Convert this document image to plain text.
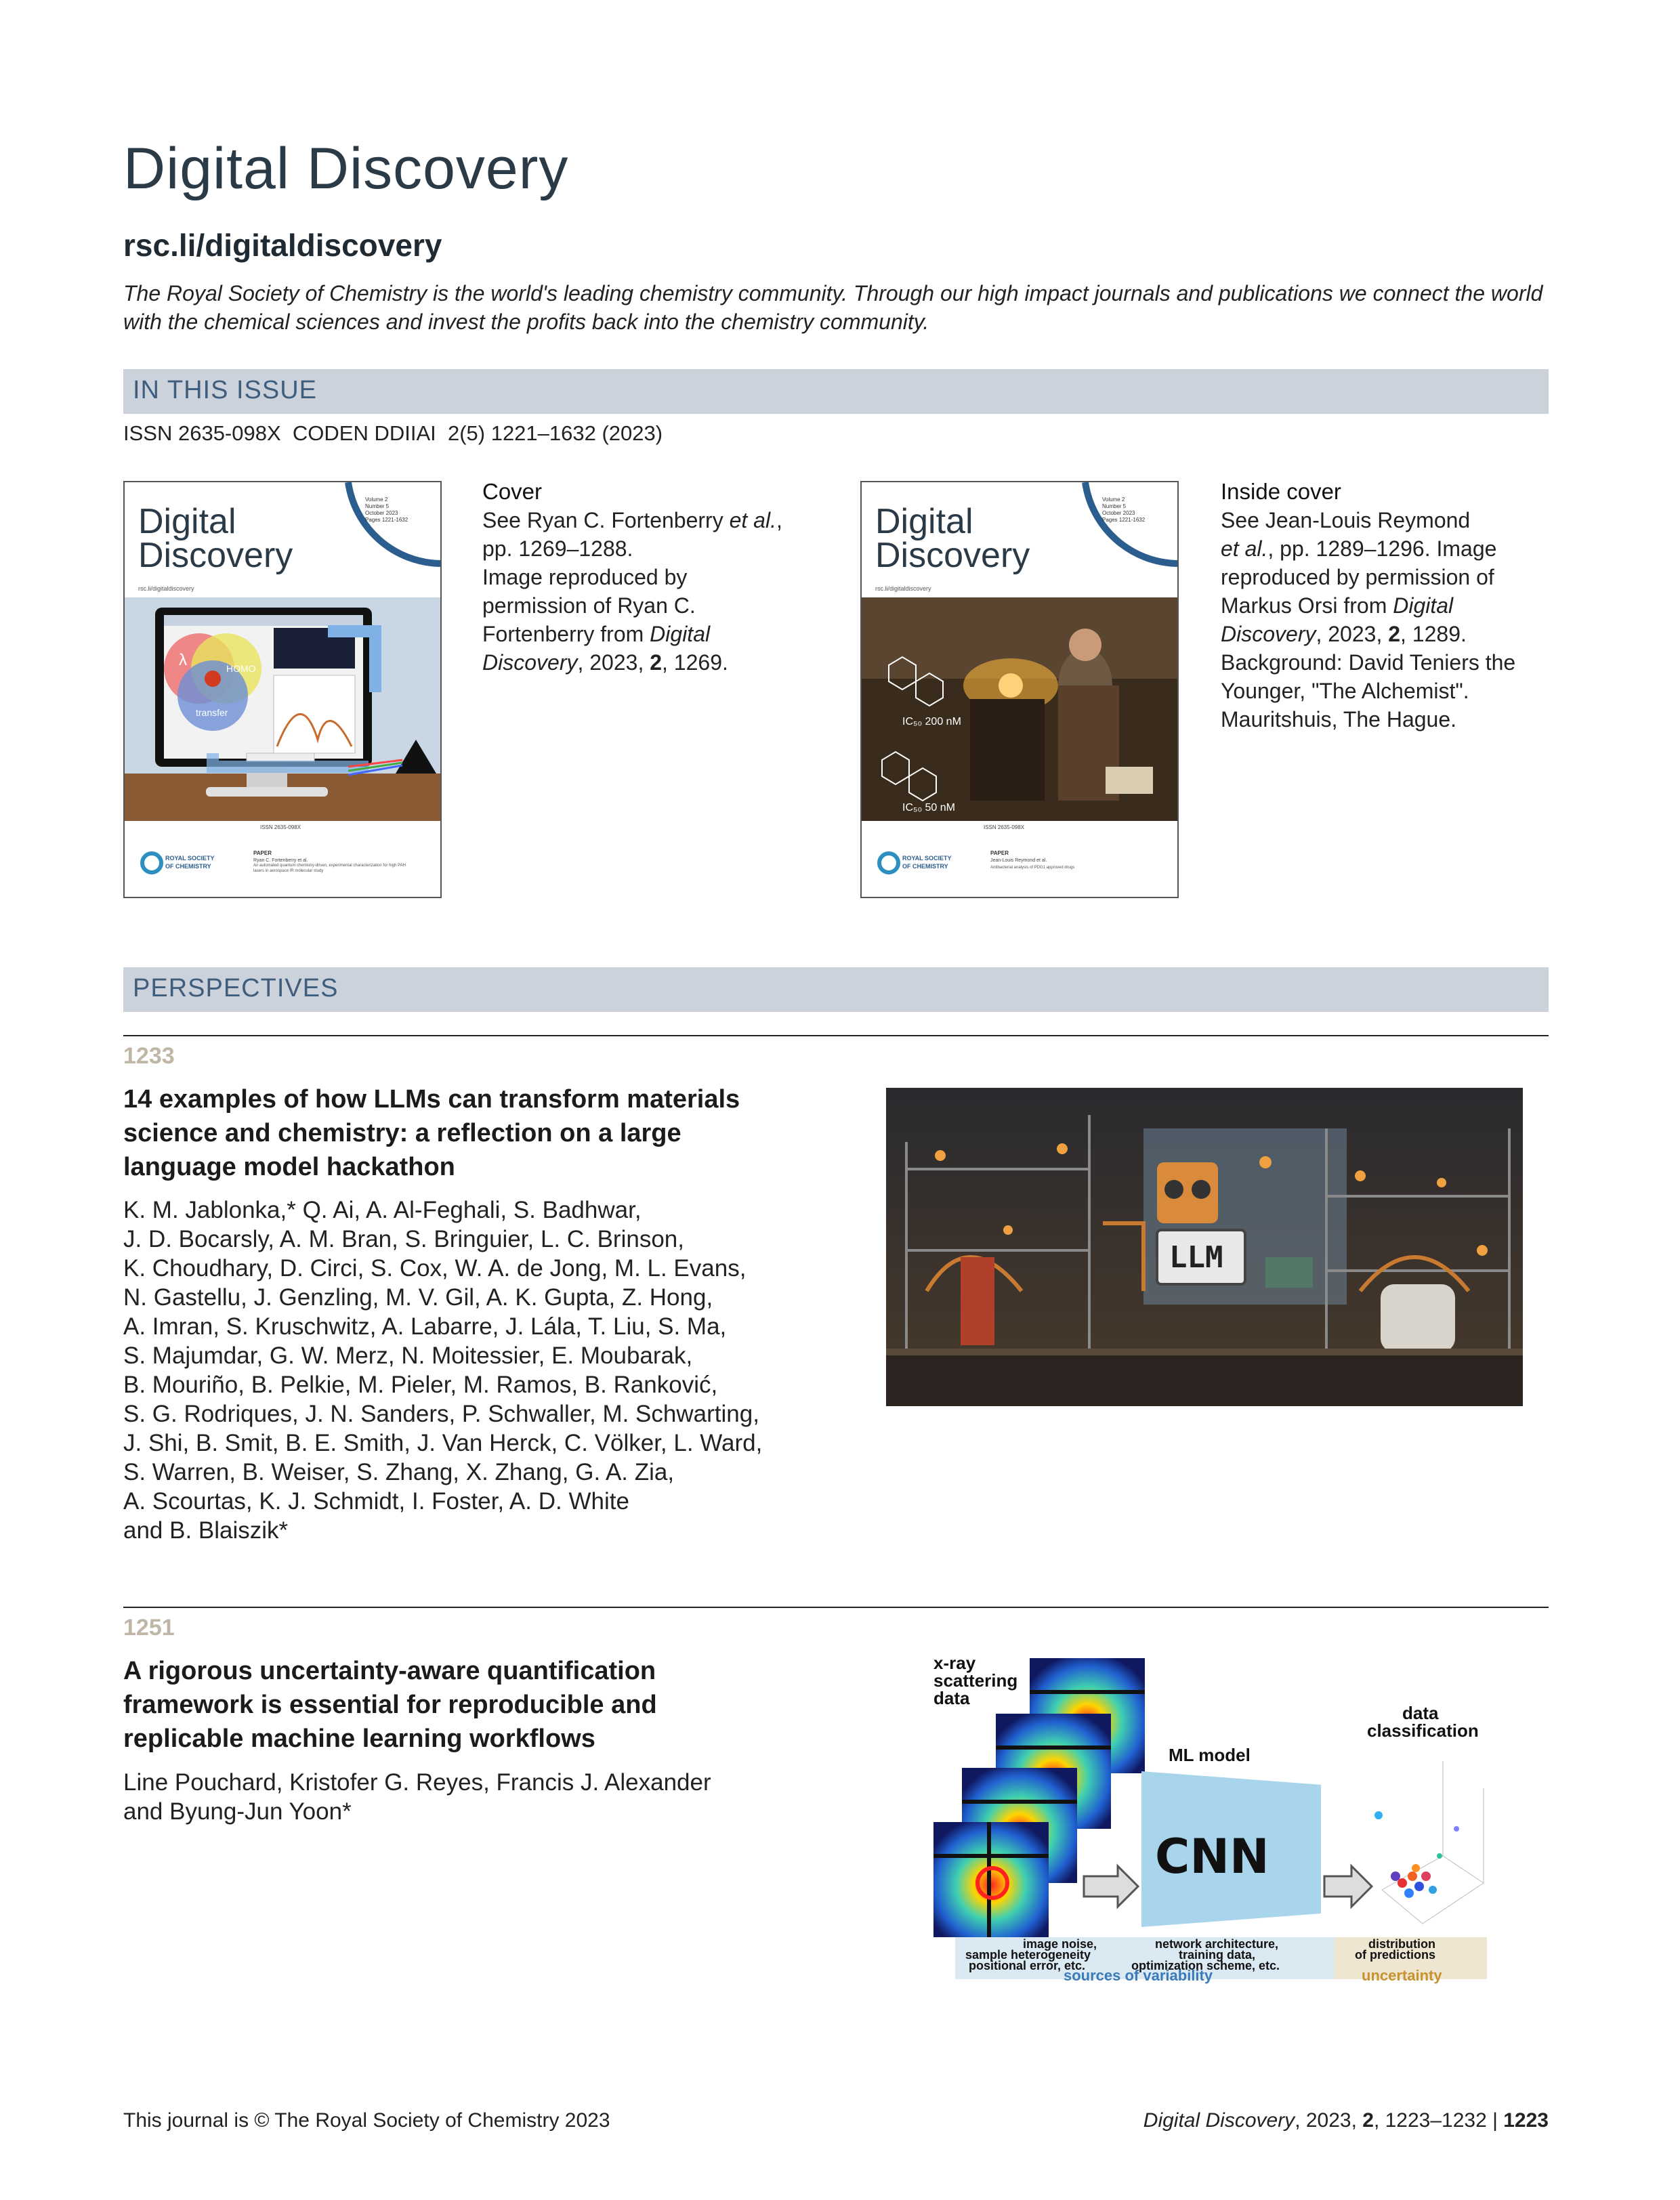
Digital Discovery
rsc.li/digitaldiscovery
The Royal Society of Chemistry is the world's leading chemistry community. Through our high impact journals and publications we connect the world with the chemical sciences and invest the profits back into the chemistry community.
IN THIS ISSUE
ISSN 2635-098X  CODEN DDIIAI  2(5) 1221–1632 (2023)
Digital
Discovery
rsc.li/digitaldiscovery
Volume 2
Number 5
October 2023
Pages 1221-1632
λ	HOMO
transfer
ISSN 2635-098X
ROYAL SOCIETY
OF CHEMISTRY
PAPER
Ryan C. Fortenberry et al.
An automated quantum chemistry-driven, experimental characterization for high PAH lasers in aerospace IR molecular study
Cover
See Ryan C. Fortenberry et al.,
pp. 1269–1288.
Image reproduced by
permission of Ryan C.
Fortenberry from Digital
Discovery, 2023, 2, 1269.
Digital
Discovery
rsc.li/digitaldiscovery
Volume 2
Number 5
October 2023
Pages 1221-1632
IC₅₀ 200 nM
IC₅₀ 50 nM
ISSN 2635-098X
ROYAL SOCIETY
OF CHEMISTRY
PAPER
Jean-Louis Reymond et al.
Antibacterial analysis of PDG1 approved drugs
Inside cover
See Jean-Louis Reymond
et al., pp. 1289–1296. Image
reproduced by permission of
Markus Orsi from Digital
Discovery, 2023, 2, 1289.
Background: David Teniers the
Younger, "The Alchemist".
Mauritshuis, The Hague.
PERSPECTIVES
1233
14 examples of how LLMs can transform materials
science and chemistry: a reflection on a large
language model hackathon
K. M. Jablonka,* Q. Ai, A. Al-Feghali, S. Badhwar,
J. D. Bocarsly, A. M. Bran, S. Bringuier, L. C. Brinson,
K. Choudhary, D. Circi, S. Cox, W. A. de Jong, M. L. Evans,
N. Gastellu, J. Genzling, M. V. Gil, A. K. Gupta, Z. Hong,
A. Imran, S. Kruschwitz, A. Labarre, J. Lála, T. Liu, S. Ma,
S. Majumdar, G. W. Merz, N. Moitessier, E. Moubarak,
B. Mouriño, B. Pelkie, M. Pieler, M. Ramos, B. Ranković,
S. G. Rodriques, J. N. Sanders, P. Schwaller, M. Schwarting,
J. Shi, B. Smit, B. E. Smith, J. Van Herck, C. Völker, L. Ward,
S. Warren, B. Weiser, S. Zhang, X. Zhang, G. A. Zia,
A. Scourtas, K. J. Schmidt, I. Foster, A. D. White
and B. Blaiszik*
LLM
1251
A rigorous uncertainty-aware quantification
framework is essential for reproducible and
replicable machine learning workflows
Line Pouchard, Kristofer G. Reyes, Francis J. Alexander
and Byung-Jun Yoon*
x-ray
scattering
data
ML model
CNN
data
classification
image noise,
sample heterogeneity
positional error, etc.
network architecture,
training data,
optimization scheme, etc.
distribution
of predictions
sources of variability	uncertainty
This journal is © The Royal Society of Chemistry 2023	Digital Discovery, 2023, 2, 1223–1232 | 1223
